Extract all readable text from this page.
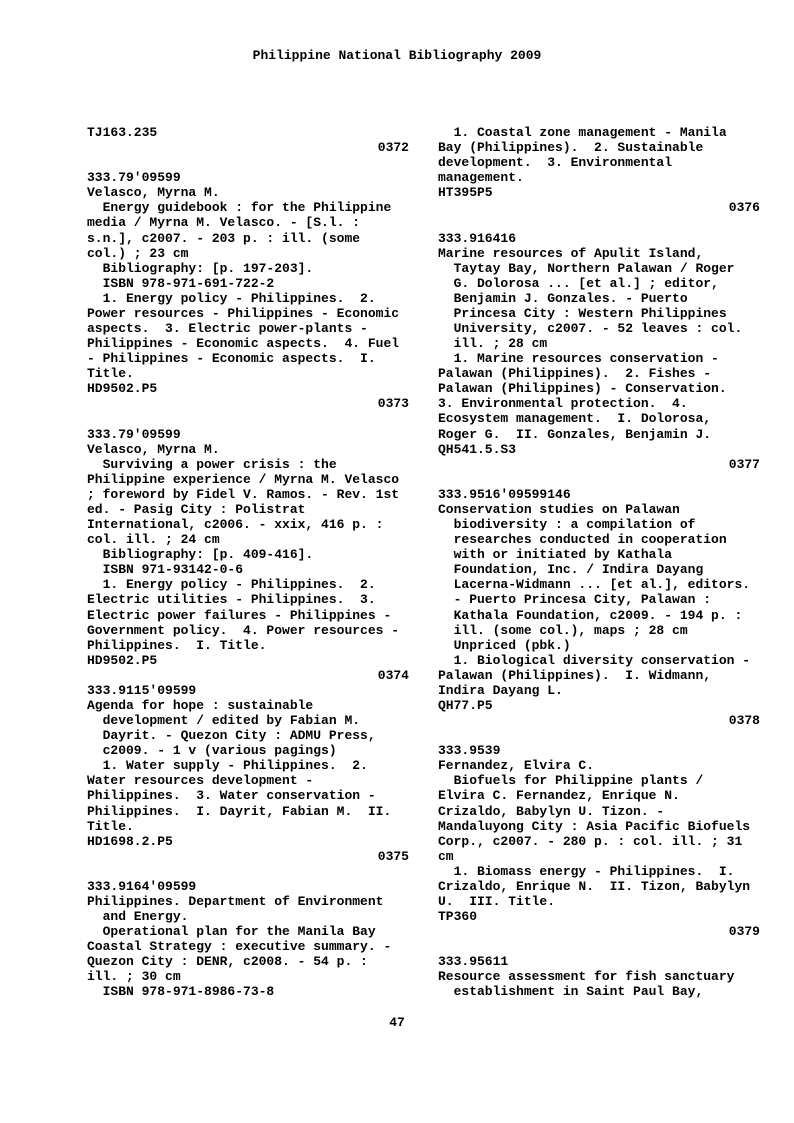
Philippine National Bibliography 2009
TJ163.235
0372
333.79'09599
Velasco, Myrna M.
Energy guidebook : for the Philippine
media / Myrna M. Velasco. - [S.l. :
s.n.], c2007. - 203 p. : ill. (some
col.) ; 23 cm
Bibliography: [p. 197-203].
ISBN 978-971-691-722-2
1. Energy policy - Philippines.  2.
Power resources - Philippines - Economic
aspects.  3. Electric power-plants -
Philippines - Economic aspects.  4. Fuel
- Philippines - Economic aspects.  I.
Title.
HD9502.P5
0373
333.79'09599
Velasco, Myrna M.
Surviving a power crisis : the
Philippine experience / Myrna M. Velasco
; foreword by Fidel V. Ramos. - Rev. 1st
ed. - Pasig City : Polistrat
International, c2006. - xxix, 416 p. :
col. ill. ; 24 cm
Bibliography: [p. 409-416].
ISBN 971-93142-0-6
1. Energy policy - Philippines.  2.
Electric utilities - Philippines.  3.
Electric power failures - Philippines -
Government policy.  4. Power resources -
Philippines.  I. Title.
HD9502.P5
0374
333.9115'09599
Agenda for hope : sustainable
development / edited by Fabian M.
Dayrit. - Quezon City : ADMU Press,
c2009. - 1 v (various pagings)
1. Water supply - Philippines.  2.
Water resources development -
Philippines.  3. Water conservation -
Philippines.  I. Dayrit, Fabian M.  II.
Title.
HD1698.2.P5
0375
333.9164'09599
Philippines. Department of Environment
and Energy.
Operational plan for the Manila Bay
Coastal Strategy : executive summary. -
Quezon City : DENR, c2008. - 54 p. :
ill. ; 30 cm
ISBN 978-971-8986-73-8
1. Coastal zone management - Manila
Bay (Philippines).  2. Sustainable
development.  3. Environmental
management.
HT395P5
0376
333.916416
Marine resources of Apulit Island,
Taytay Bay, Northern Palawan / Roger
G. Dolorosa ... [et al.] ; editor,
Benjamin J. Gonzales. - Puerto
Princesa City : Western Philippines
University, c2007. - 52 leaves : col.
ill. ; 28 cm
1. Marine resources conservation -
Palawan (Philippines).  2. Fishes -
Palawan (Philippines) - Conservation.
3. Environmental protection.  4.
Ecosystem management.  I. Dolorosa,
Roger G.  II. Gonzales, Benjamin J.
QH541.5.S3
0377
333.9516'09599146
Conservation studies on Palawan
biodiversity : a compilation of
researches conducted in cooperation
with or initiated by Kathala
Foundation, Inc. / Indira Dayang
Lacerna-Widmann ... [et al.], editors.
- Puerto Princesa City, Palawan :
Kathala Foundation, c2009. - 194 p. :
ill. (some col.), maps ; 28 cm
Unpriced (pbk.)
1. Biological diversity conservation -
Palawan (Philippines).  I. Widmann,
Indira Dayang L.
QH77.P5
0378
333.9539
Fernandez, Elvira C.
Biofuels for Philippine plants /
Elvira C. Fernandez, Enrique N.
Crizaldo, Babylyn U. Tizon. -
Mandaluyong City : Asia Pacific Biofuels
Corp., c2007. - 280 p. : col. ill. ; 31
cm
1. Biomass energy - Philippines.  I.
Crizaldo, Enrique N.  II. Tizon, Babylyn
U.  III. Title.
TP360
0379
333.95611
Resource assessment for fish sanctuary
establishment in Saint Paul Bay,
47
